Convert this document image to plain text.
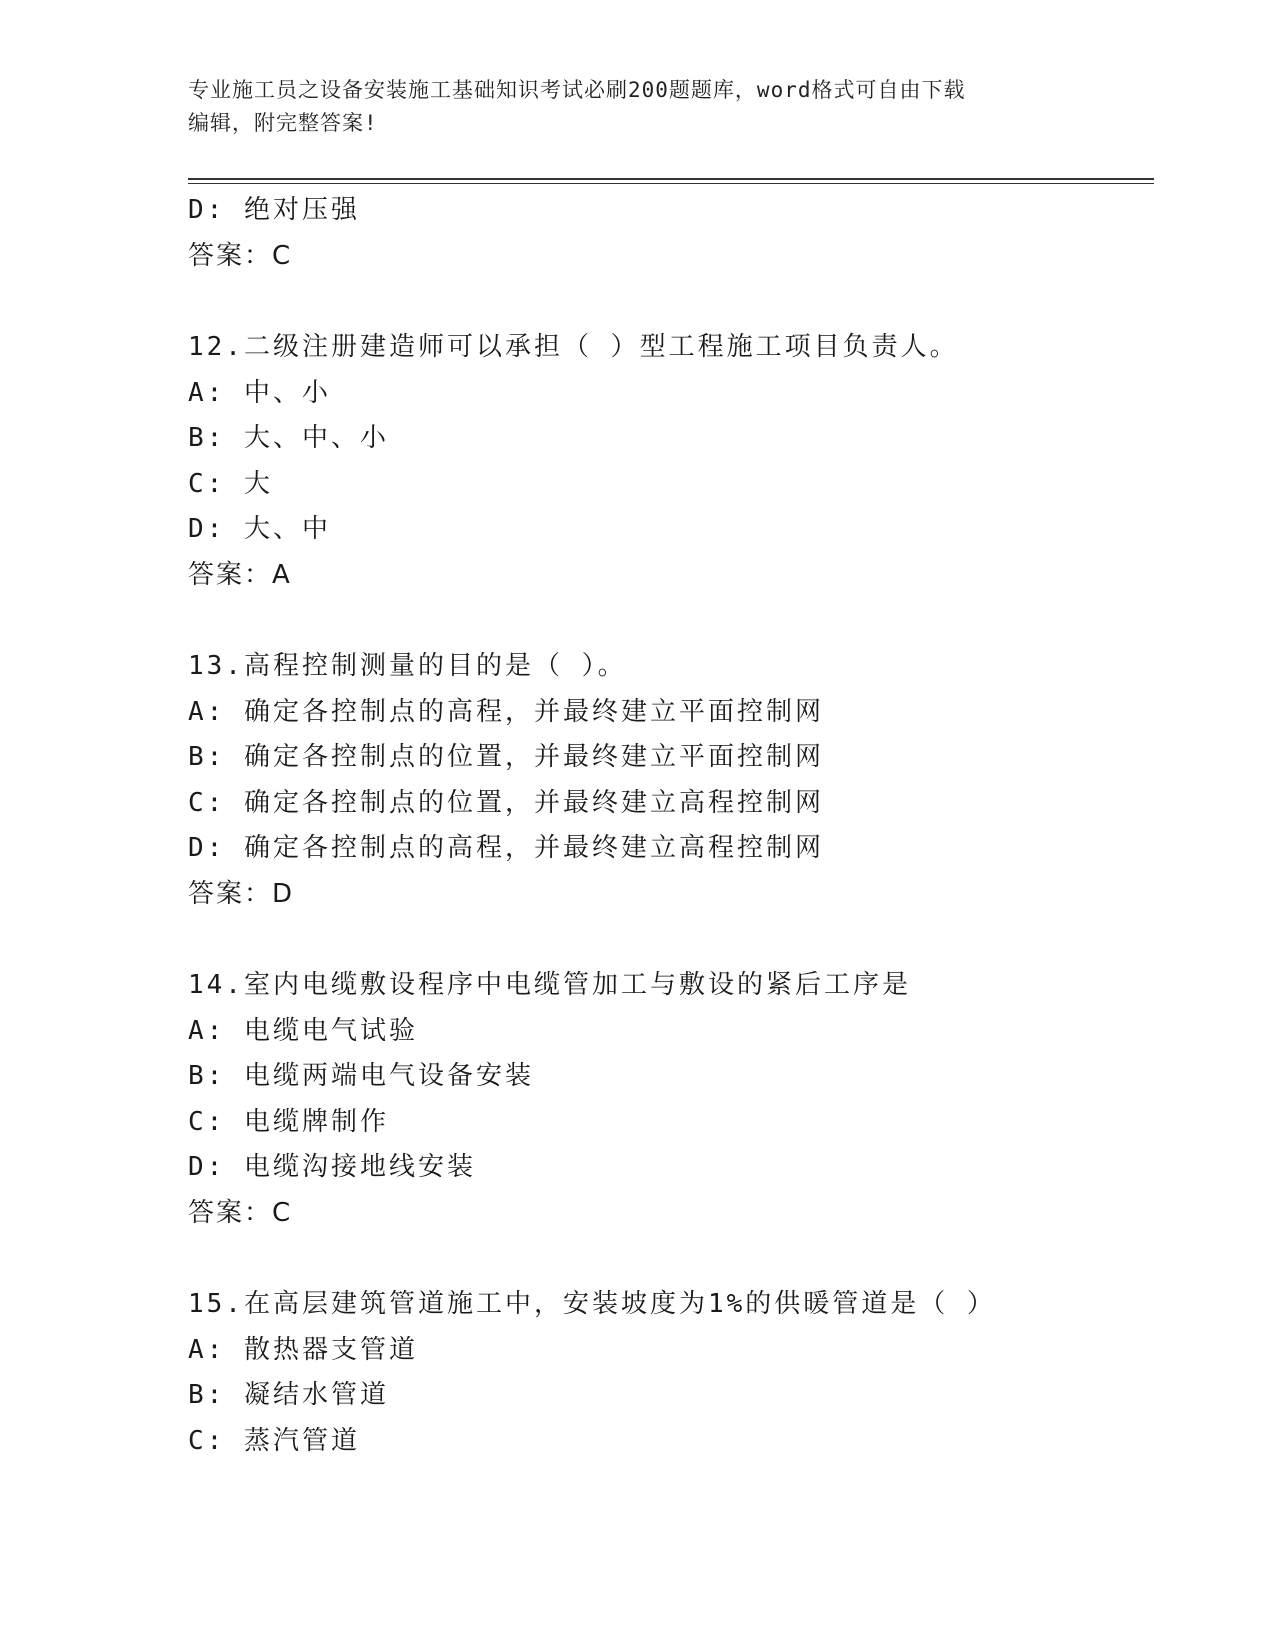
专业施工员之设备安装施工基础知识考试必刷200题题库，word格式可自由下载
编辑，附完整答案!
D: 绝对压强
答案：C
12.二级注册建造师可以承担（ ）型工程施工项目负责人。
A: 中、小
B: 大、中、小
C: 大
D: 大、中
答案：A
13.高程控制测量的目的是（ ）。
A: 确定各控制点的高程，并最终建立平面控制网
B: 确定各控制点的位置，并最终建立平面控制网
C: 确定各控制点的位置，并最终建立高程控制网
D: 确定各控制点的高程，并最终建立高程控制网
答案：D
14.室内电缆敷设程序中电缆管加工与敷设的紧后工序是
A: 电缆电气试验
B: 电缆两端电气设备安装
C: 电缆牌制作
D: 电缆沟接地线安装
答案：C
15.在高层建筑管道施工中，安装坡度为1%的供暖管道是（ ）
A: 散热器支管道
B: 凝结水管道
C: 蒸汽管道
